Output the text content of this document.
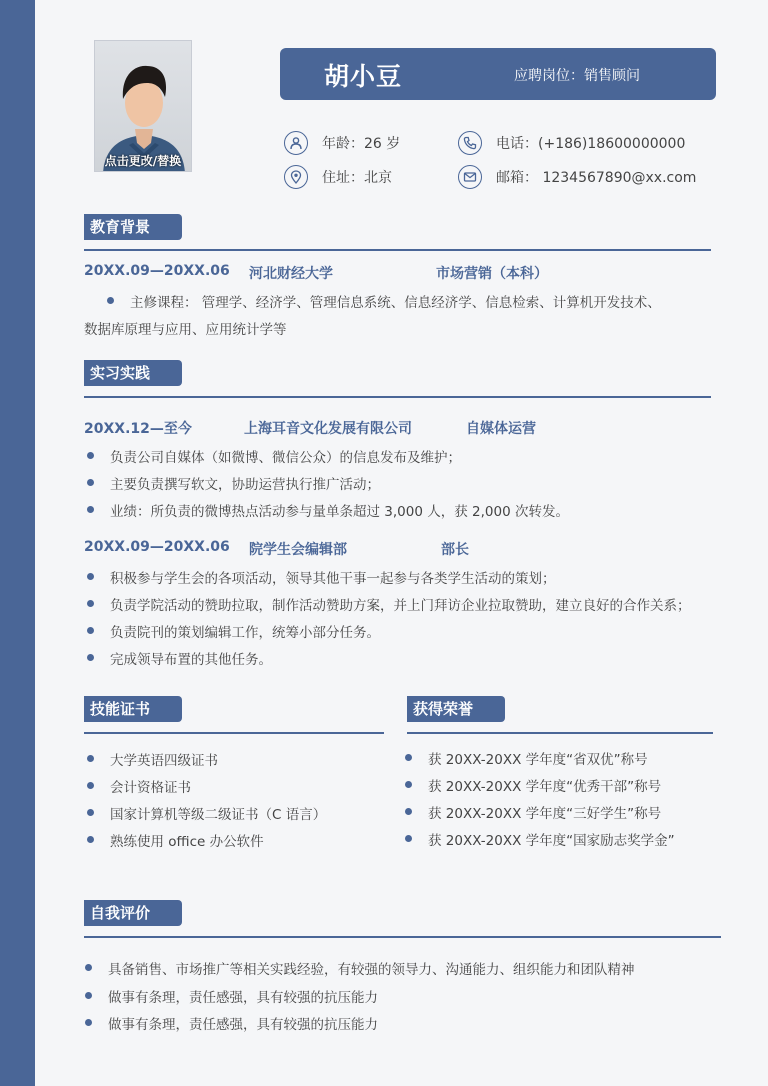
点击更改/替换
胡小豆	应聘岗位：销售顾问
年龄：26 岁	电话：(+186)18600000000
住址：北京	邮箱： 1234567890@xx.com
教育背景
20XX.09—20XX.06 河北财经大学	市场营销（本科）
主修课程： 管理学、经济学、管理信息系统、信息经济学、信息检索、计算机开发技术、
数据库原理与应用、应用统计学等
实习实践
20XX.12—至今	上海耳音文化发展有限公司	自媒体运营
负责公司自媒体（如微博、微信公众）的信息发布及维护；
主要负责撰写软文，协助运营执行推广活动；
业绩：所负责的微博热点活动参与量单条超过 3,000 人，获 2,000 次转发。
20XX.09—20XX.06 院学生会编辑部	部长
积极参与学生会的各项活动，领导其他干事一起参与各类学生活动的策划；
负责学院活动的赞助拉取，制作活动赞助方案，并上门拜访企业拉取赞助，建立良好的合作关系；
负责院刊的策划编辑工作，统筹小部分任务。
完成领导布置的其他任务。
技能证书
大学英语四级证书
会计资格证书
国家计算机等级二级证书（C 语言）
熟练使用 office 办公软件
获得荣誉
获 20XX-20XX 学年度“省双优”称号
获 20XX-20XX 学年度“优秀干部”称号
获 20XX-20XX 学年度“三好学生”称号
获 20XX-20XX 学年度“国家励志奖学金”
自我评价
具备销售、市场推广等相关实践经验，有较强的领导力、沟通能力、组织能力和团队精神
做事有条理，责任感强，具有较强的抗压能力
做事有条理，责任感强，具有较强的抗压能力
